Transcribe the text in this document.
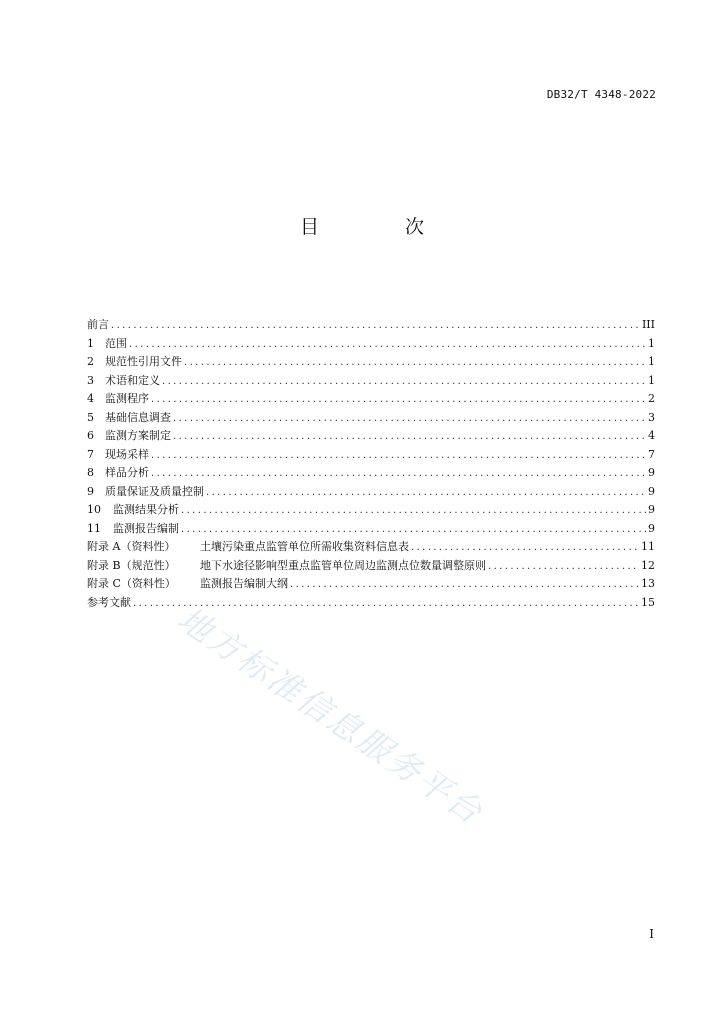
DB32/T 4348-2022
目 次
前言 .....	III
1	范围 .....	1
2	规范性引用文件 .....	1
3	术语和定义 .....	1
4	监测程序 .....	2
5	基础信息调查 .....	3
6	监测方案制定 .....	4
7	现场采样 .....	7
8	样品分析 .....	9
9	质量保证及质量控制 .....	9
10	监测结果分析 .....	9
11	监测报告编制 .....	9
附录 A（资料性）	土壤污染重点监管单位所需收集资料信息表 .....	11
附录 B（规范性）	地下水途径影响型重点监管单位周边监测点位数量调整原则 .....	12
附录 C（资料性）	监测报告编制大纲 .....	13
参考文献 .....	15
地方标准信息服务平台
I
